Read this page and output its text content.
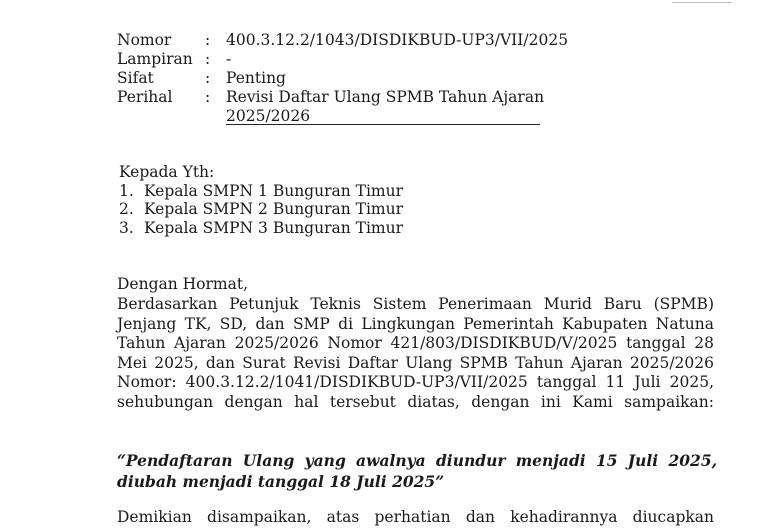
Nomor : 400.3.12.2/1043/DISDIKBUD-UP3/VII/2025
Lampiran : -
Sifat	: Penting
Perihal : Revisi Daftar Ulang SPMB Tahun Ajaran
2025/2026
Kepada Yth:
1. Kepala SMPN 1 Bunguran Timur
2. Kepala SMPN 2 Bunguran Timur
3. Kepala SMPN 3 Bunguran Timur
Dengan Hormat,
Berdasarkan Petunjuk Teknis Sistem Penerimaan Murid Baru (SPMB)
Jenjang TK, SD, dan SMP di Lingkungan Pemerintah Kabupaten Natuna
Tahun Ajaran 2025/2026 Nomor 421/803/DISDIKBUD/V/2025 tanggal 28
Mei 2025, dan Surat Revisi Daftar Ulang SPMB Tahun Ajaran 2025/2026
Nomor: 400.3.12.2/1041/DISDIKBUD-UP3/VII/2025 tanggal 11 Juli 2025,
sehubungan dengan hal tersebut diatas, dengan ini Kami sampaikan:
“Pendaftaran Ulang yang awalnya diundur menjadi 15 Juli 2025,
diubah menjadi tanggal 18 Juli 2025”
Demikian disampaikan, atas perhatian dan kehadirannya diucapkan
